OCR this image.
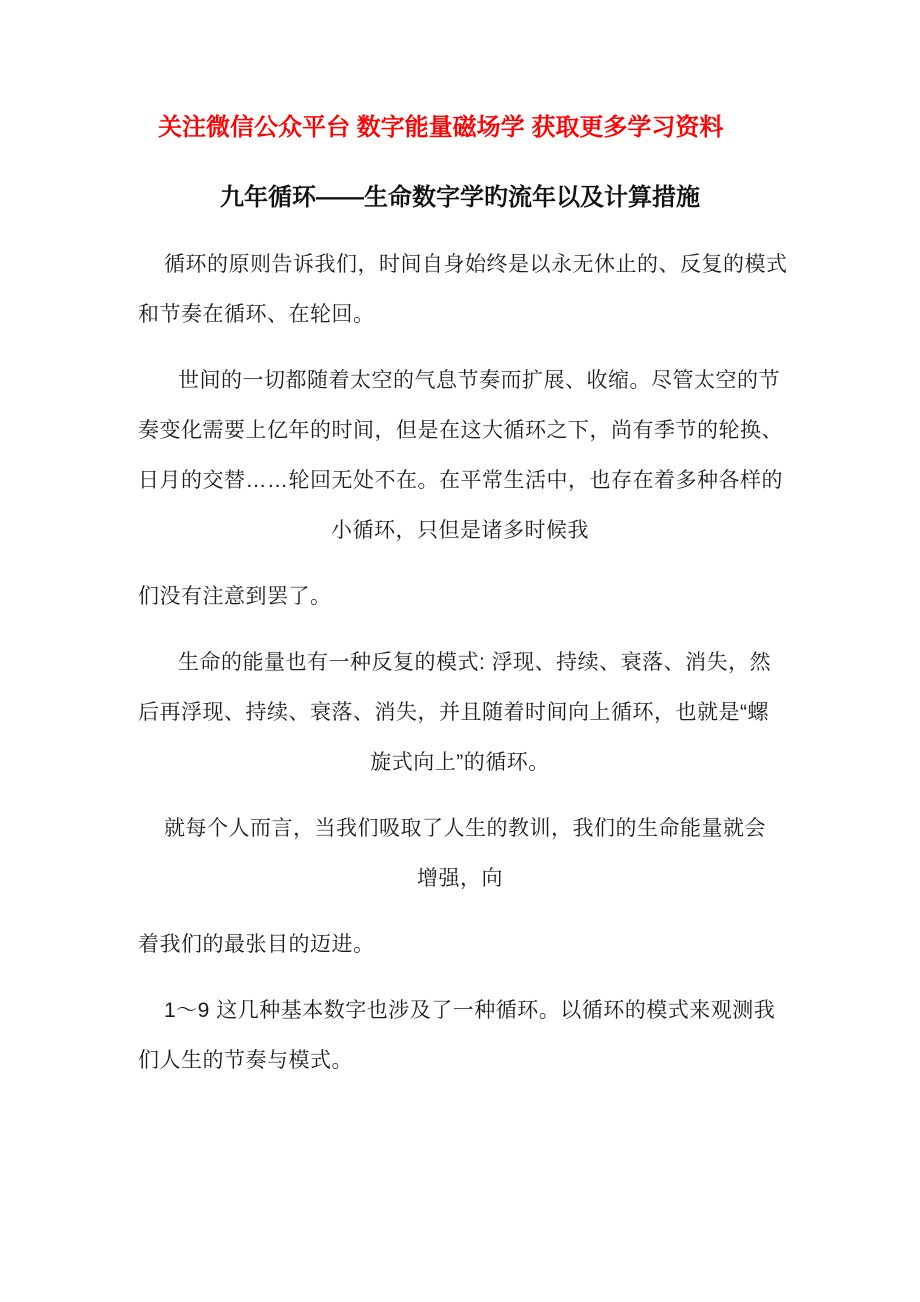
关注微信公众平台 数字能量磁场学 获取更多学习资料
九年循环——生命数字学旳流年以及计算措施
循环的原则告诉我们，时间自身始终是以永无休止的、反复的模式
和节奏在循环、在轮回。
世间的一切都随着太空的气息节奏而扩展、收缩。尽管太空的节
奏变化需要上亿年的时间，但是在这大循环之下，尚有季节的轮换、
日月的交替……轮回无处不在。在平常生活中，也存在着多种各样的
小循环，只但是诸多时候我
们没有注意到罢了。
生命的能量也有一种反复的模式: 浮现、持续、衰落、消失，然
后再浮现、持续、衰落、消失，并且随着时间向上循环，也就是“螺
旋式向上”的循环。
就每个人而言，当我们吸取了人生的教训，我们的生命能量就会
增强，向
着我们的最张目的迈进。
1～9 这几种基本数字也涉及了一种循环。以循环的模式来观测我
们人生的节奏与模式。
